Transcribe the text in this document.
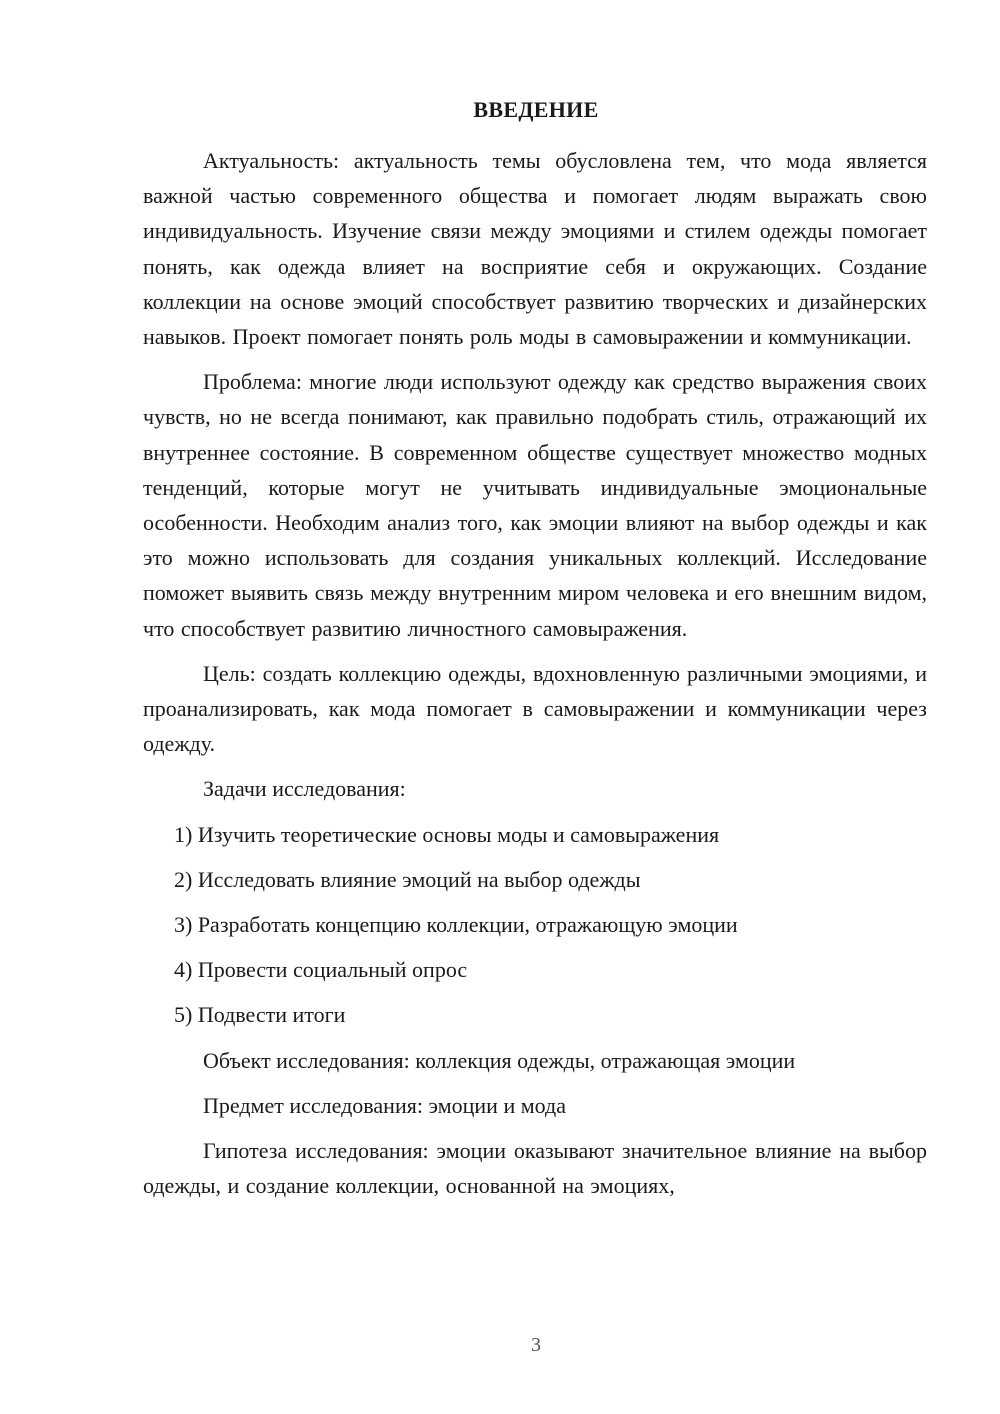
ВВЕДЕНИЕ

Актуальность: актуальность темы обусловлена тем, что мода является важной частью современного общества и помогает людям выражать свою индивидуальность. Изучение связи между эмоциями и стилем одежды помогает понять, как одежда влияет на восприятие себя и окружающих. Создание коллекции на основе эмоций способствует развитию творческих и дизайнерских навыков. Проект помогает понять роль моды в самовыражении и коммуникации.

Проблема: многие люди используют одежду как средство выражения своих чувств, но не всегда понимают, как правильно подобрать стиль, отражающий их внутреннее состояние. В современном обществе существует множество модных тенденций, которые могут не учитывать индивидуальные эмоциональные особенности. Необходим анализ того, как эмоции влияют на выбор одежды и как это можно использовать для создания уникальных коллекций. Исследование поможет выявить связь между внутренним миром человека и его внешним видом, что способствует развитию личностного самовыражения.

Цель: создать коллекцию одежды, вдохновленную различными эмоциями, и проанализировать, как мода помогает в самовыражении и коммуникации через одежду.

Задачи исследования:

1) Изучить теоретические основы моды и самовыражения

2) Исследовать влияние эмоций на выбор одежды

3) Разработать концепцию коллекции, отражающую эмоции

4) Провести социальный опрос

5) Подвести итоги

Объект исследования: коллекция одежды, отражающая эмоции

Предмет исследования: эмоции и мода

Гипотеза исследования: эмоции оказывают значительное влияние на выбор одежды, и создание коллекции, основанной на эмоциях,

3
